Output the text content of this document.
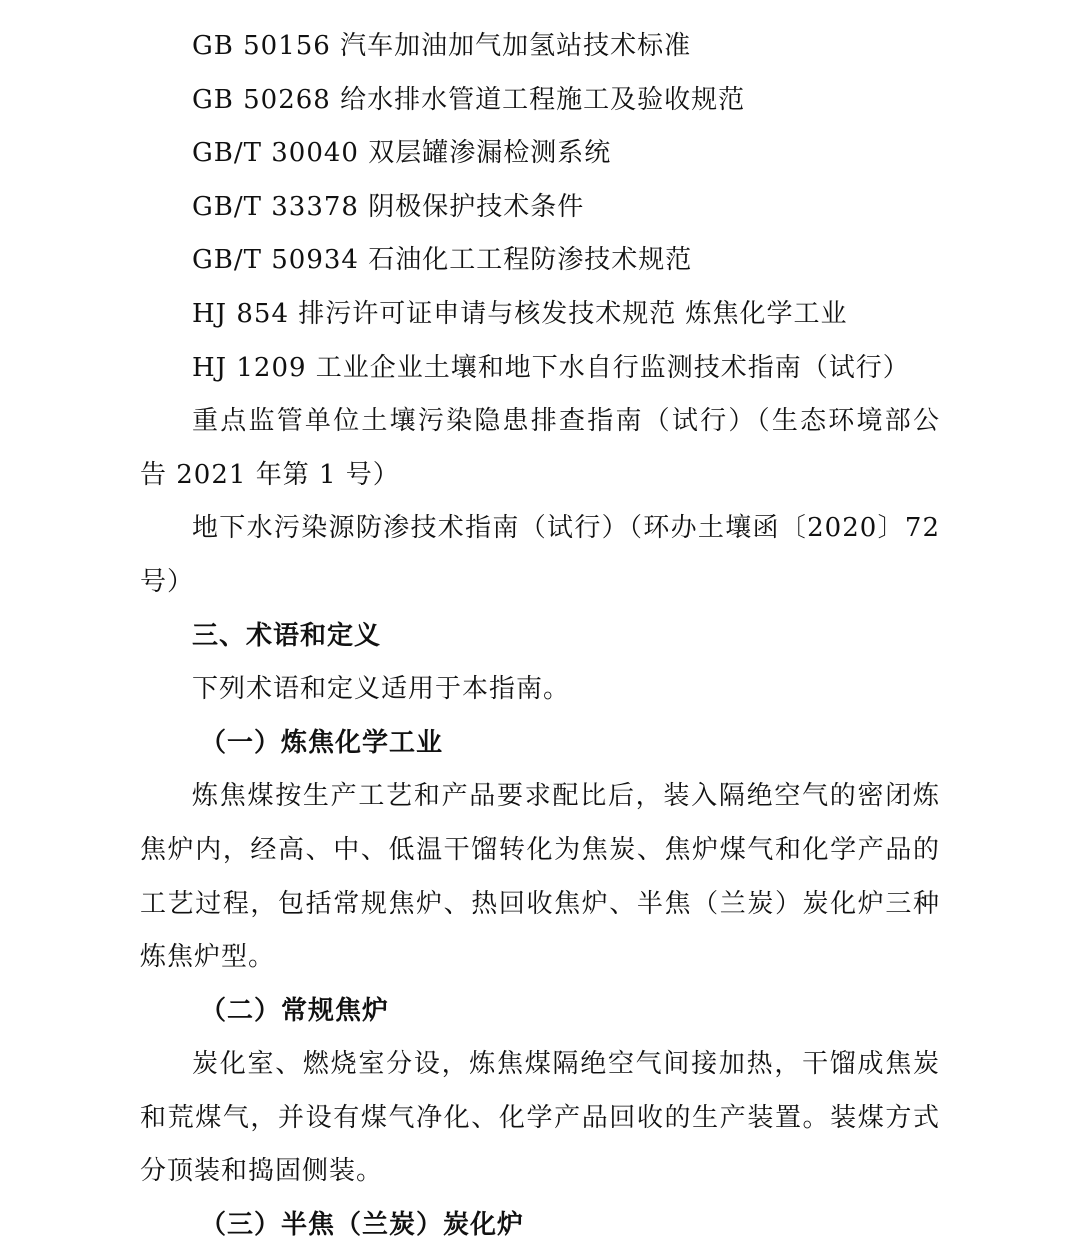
GB 50156 汽车加油加气加氢站技术标准
GB 50268 给水排水管道工程施工及验收规范
GB/T 30040 双层罐渗漏检测系统
GB/T 33378 阴极保护技术条件
GB/T 50934 石油化工工程防渗技术规范
HJ 854 排污许可证申请与核发技术规范 炼焦化学工业
HJ 1209 工业企业土壤和地下水自行监测技术指南（试行）
重点监管单位土壤污染隐患排查指南（试行）（生态环境部公
告 2021 年第 1 号）
地下水污染源防渗技术指南（试行）（环办土壤函〔2020〕72
号）
三、术语和定义
下列术语和定义适用于本指南。
（一）炼焦化学工业
炼焦煤按生产工艺和产品要求配比后，装入隔绝空气的密闭炼
焦炉内，经高、中、低温干馏转化为焦炭、焦炉煤气和化学产品的
工艺过程，包括常规焦炉、热回收焦炉、半焦（兰炭）炭化炉三种
炼焦炉型。
（二）常规焦炉
炭化室、燃烧室分设，炼焦煤隔绝空气间接加热，干馏成焦炭
和荒煤气，并设有煤气净化、化学产品回收的生产装置。装煤方式
分顶装和捣固侧装。
（三）半焦（兰炭）炭化炉
